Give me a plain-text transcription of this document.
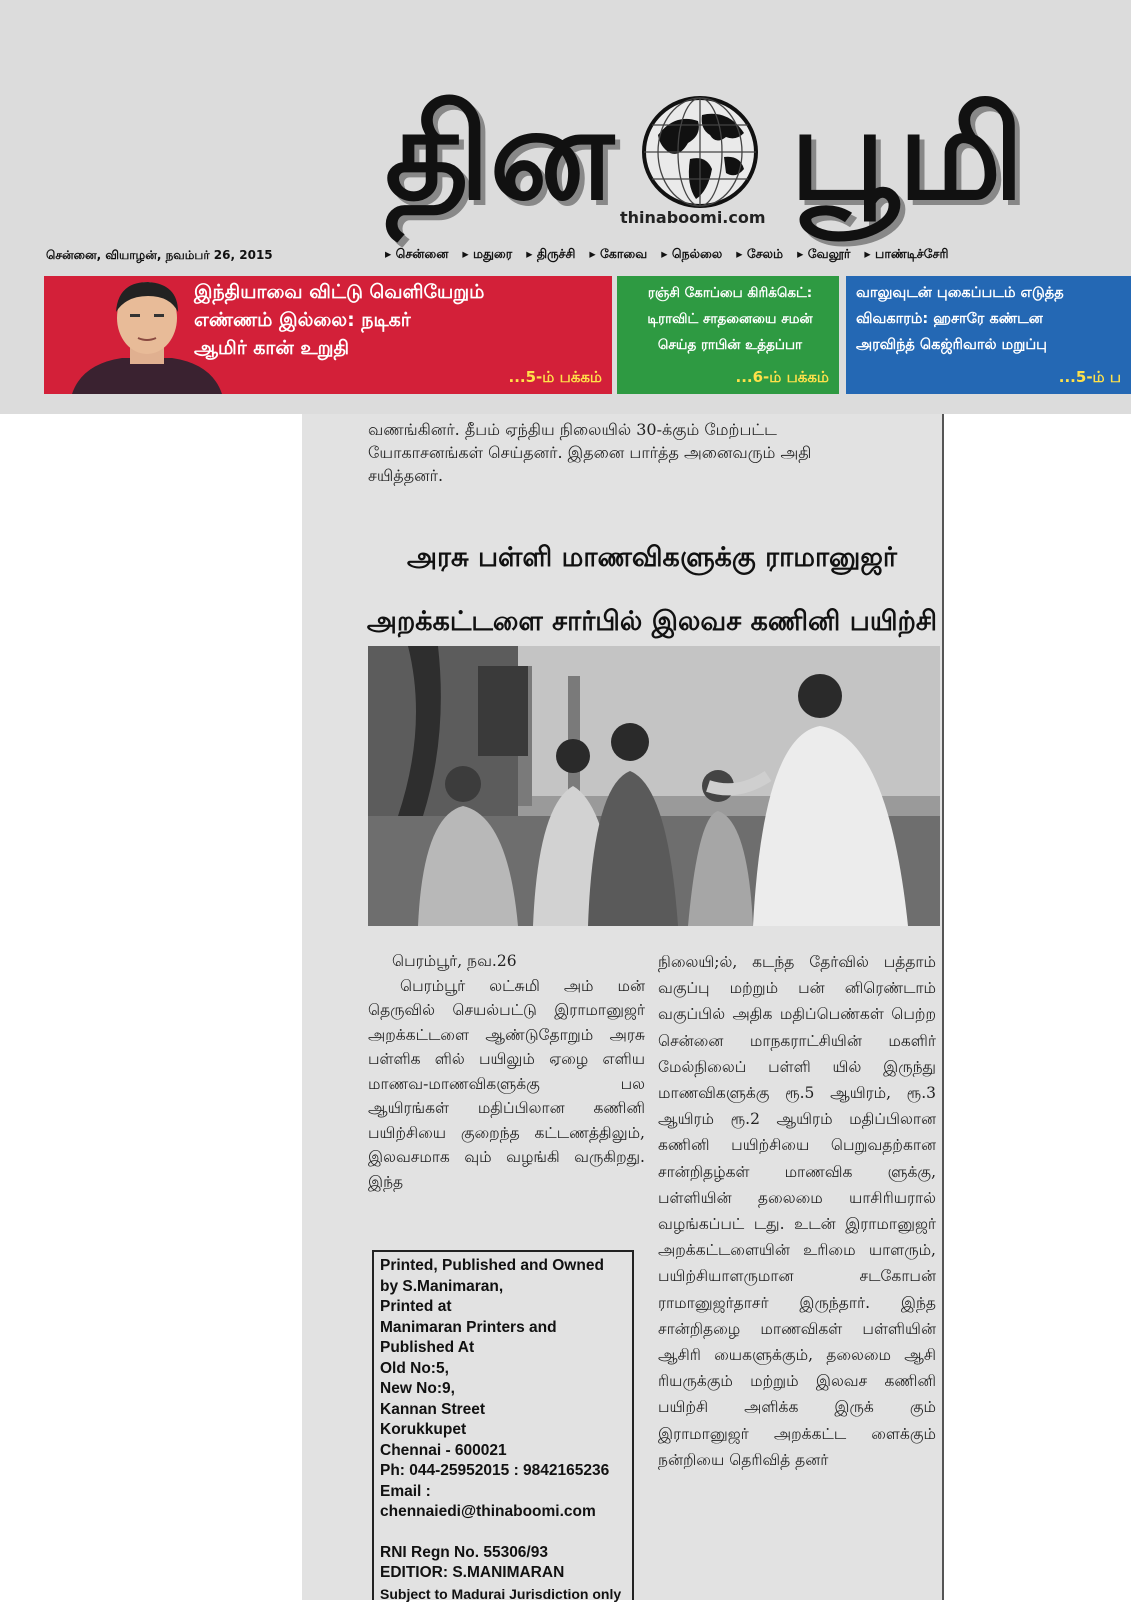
தின பூமி
thinaboomi.com
சென்னை, வியாழன், நவம்பர் 26, 2015	▸ சென்னை	▸ மதுரை	▸ திருச்சி	▸ கோவை	▸ நெல்லை	▸ சேலம்	▸ வேலூர்	▸ பாண்டிச்சேரி
இந்தியாவை விட்டு வெளியேறும்
எண்ணம் இல்லை: நடிகர்
ஆமிர் கான் உறுதி
...5-ம் பக்கம்
ரஞ்சி கோப்பை கிரிக்கெட்:
டிராவிட் சாதனையை சமன்
செய்த ராபின் உத்தப்பா
...6-ம் பக்கம்
வாலுவுடன் புகைப்படம் எடுத்த
விவகாரம்: ஹசாரே கண்டன
அரவிந்த் கெஜ்ரிவால் மறுப்பு
...5-ம் ப
வணங்கினர். தீபம் ஏந்திய நிலையில் 30-க்கும் மேற்பட்ட
யோகாசனங்கள் செய்தனர். இதனை பார்த்த அனைவரும் அதி
சயித்தனர்.
அரசு பள்ளி மாணவிகளுக்கு ராமானுஜர்
அறக்கட்டளை சார்பில் இலவச கணினி பயிற்சி
பெரம்பூர், நவ.26
பெரம்பூர் லட்சுமி அம் மன் தெருவில் செயல்பட்டு இராமானுஜர் அறக்கட்டளை ஆண்டுதோறும் அரசு பள்ளிக ளில் பயிலும் ஏழை எளிய மாணவ-மாணவிகளுக்கு பல ஆயிரங்கள் மதிப்பிலான கணினி பயிற்சியை குறைந்த கட்டணத்திலும், இலவசமாக வும் வழங்கி வருகிறது. இந்த
நிலையி;ல், கடந்த தேர்வில் பத்தாம் வகுப்பு மற்றும் பன் னிரெண்டாம் வகுப்பில் அதிக மதிப்பெண்கள் பெற்ற சென்னை மாநகராட்சியின் மகளிர் மேல்நிலைப் பள்ளி யில் இருந்து மாணவிகளுக்கு ரூ.5 ஆயிரம், ரூ.3 ஆயிரம் ரூ.2 ஆயிரம் மதிப்பிலான கணினி பயிற்சியை பெறுவதற்கான சான்றிதழ்கள் மாணவிக ளுக்கு, பள்ளியின் தலைமை யாசிரியரால் வழங்கப்பட் டது. உடன் இராமானுஜர் அறக்கட்டளையின் உரிமை யாளரும், பயிற்சியாளருமான சடகோபன் ராமானுஜர்தாசர் இருந்தார். இந்த சான்றிதழை மாணவிகள் பள்ளியின் ஆசிரி யைகளுக்கும், தலைமை ஆசி ரியருக்கும் மற்றும் இலவச கணினி பயிற்சி அளிக்க இருக் கும் இராமானுஜர் அறக்கட்ட ளைக்கும் நன்றியை தெரிவித் தனர்
Printed, Published and Owned
by S.Manimaran,
Printed at
Manimaran Printers and
Published At
Old No:5,
New No:9,
Kannan Street
Korukkupet
Chennai - 600021
Ph: 044-25952015 : 9842165236
Email :
chennaiedi@thinaboomi.com
RNI Regn No. 55306/93
EDITIOR: S.MANIMARAN
Subject to Madurai Jurisdiction only
